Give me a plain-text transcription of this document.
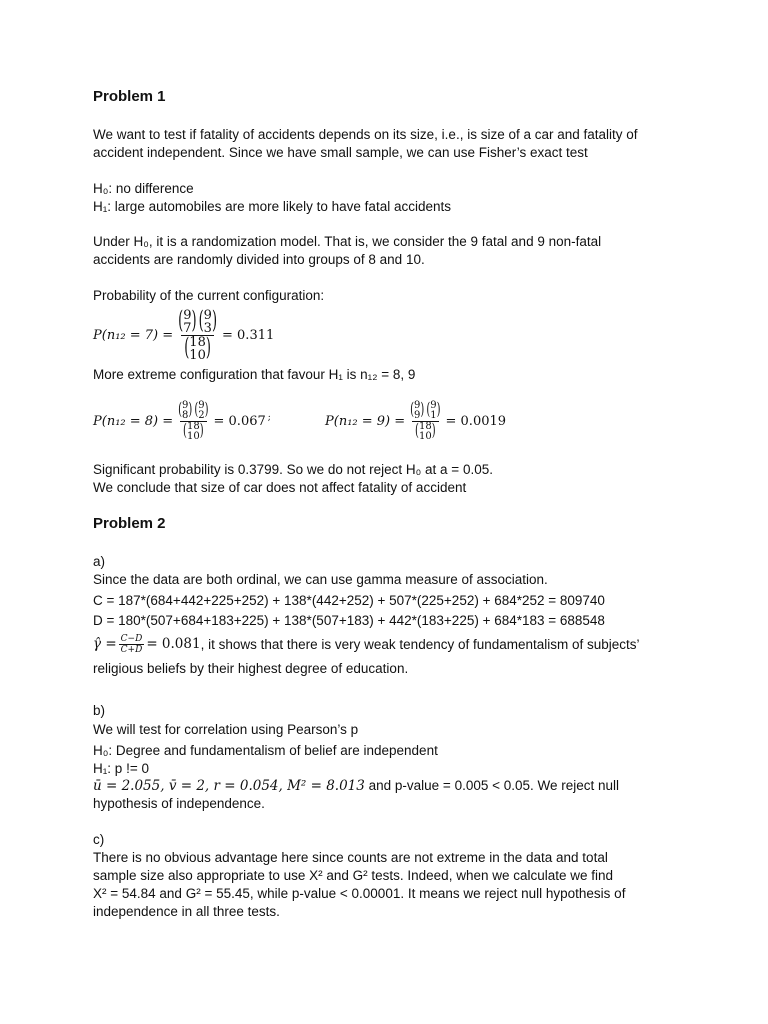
Problem 1
We want to test if fatality of accidents depends on its size, i.e., is size of a car and fatality of
accident independent. Since we have small sample, we can use Fisher’s exact test
H₀: no difference
H₁: large automobiles are more likely to have fatal accidents
Under H₀, it is a randomization model. That is, we consider the 9 fatal and 9 non-fatal
accidents are randomly divided into groups of 8 and 10.
Probability of the current configuration:
P(n₁₂ = 7) = ( 9
7 ) ( 9
3 )
( 18
10 ) = 0.311
More extreme configuration that favour H₁ is n₁₂ = 8, 9
P(n₁₂ = 8) = ( 9
8 ) ( 9
2 )
( 18
10 ) = 0.067 ;	P(n₁₂ = 9) = ( 9
9 ) ( 9
1 )
( 18
10 ) = 0.0019
Significant probability is 0.3799. So we do not reject H₀ at a = 0.05.
We conclude that size of car does not affect fatality of accident
Problem 2
a)
Since the data are both ordinal, we can use gamma measure of association.
C = 187*(684+442+225+252) + 138*(442+252) + 507*(225+252) + 684*252 = 809740
D = 180*(507+684+183+225) + 138*(507+183) + 442*(183+225) + 684*183 = 688548
γ̂ = $\frac{C-D}{C+D} = 0.081$ , it shows that there is very weak tendency of fundamentalism of subjects’
religious beliefs by their highest degree of education.
b)
We will test for correlation using Pearson’s p
H₀: Degree and fundamentalism of belief are independent
H₁: p != 0
ū = 2.055, v̄ = 2, r = 0.054, M² = 8.013 and p-value = 0.005 < 0.05. We reject null
hypothesis of independence.
c)
There is no obvious advantage here since counts are not extreme in the data and total
sample size also appropriate to use X² and G² tests. Indeed, when we calculate we find
X² = 54.84 and G² = 55.45, while p-value < 0.00001. It means we reject null hypothesis of
independence in all three tests.
